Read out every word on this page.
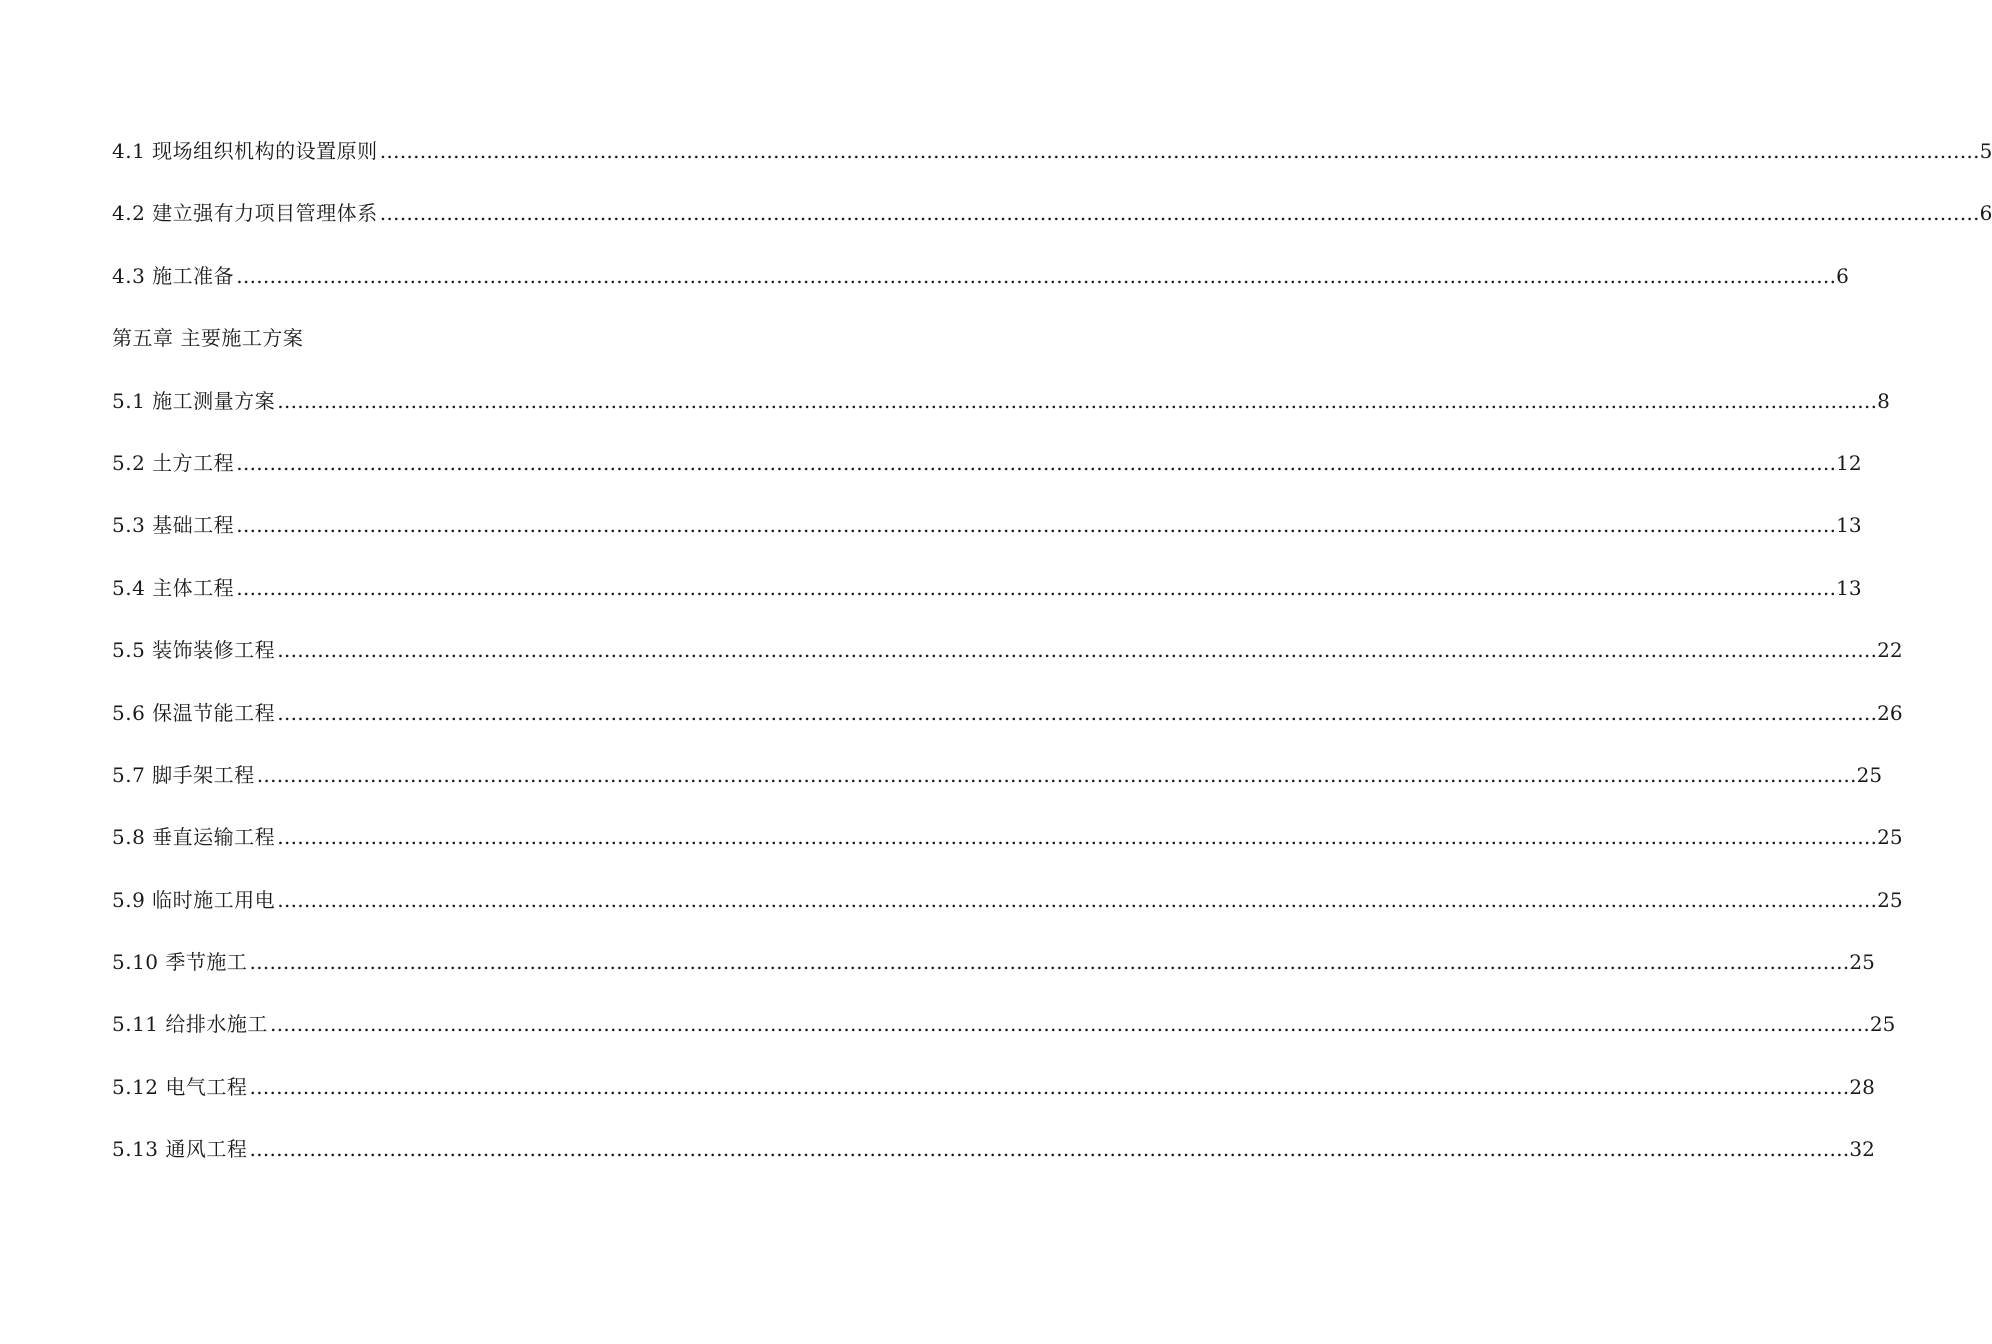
4.1 现场组织机构的设置原则 …………………………………………………………………………………………………………………………………………………………………………………………………………………… 5
4.2 建立强有力项目管理体系 …………………………………………………………………………………………………………………………………………………………………………………………………………………… 6
4.3 施工准备 …………………………………………………………………………………………………………………………………………………………………………………………………………………… 6
第五章 主要施工方案
5.1 施工测量方案 …………………………………………………………………………………………………………………………………………………………………………………………………………………… 8
5.2 土方工程 …………………………………………………………………………………………………………………………………………………………………………………………………………………… 12
5.3 基础工程 …………………………………………………………………………………………………………………………………………………………………………………………………………………… 13
5.4 主体工程 …………………………………………………………………………………………………………………………………………………………………………………………………………………… 13
5.5 装饰装修工程 …………………………………………………………………………………………………………………………………………………………………………………………………………………… 22
5.6 保温节能工程 …………………………………………………………………………………………………………………………………………………………………………………………………………………… 26
5.7 脚手架工程 …………………………………………………………………………………………………………………………………………………………………………………………………………………… 25
5.8 垂直运输工程 …………………………………………………………………………………………………………………………………………………………………………………………………………………… 25
5.9 临时施工用电 …………………………………………………………………………………………………………………………………………………………………………………………………………………… 25
5.10 季节施工 …………………………………………………………………………………………………………………………………………………………………………………………………………………… 25
5.11 给排水施工 …………………………………………………………………………………………………………………………………………………………………………………………………………………… 25
5.12 电气工程 …………………………………………………………………………………………………………………………………………………………………………………………………………………… 28
5.13 通风工程 …………………………………………………………………………………………………………………………………………………………………………………………………………………… 32
